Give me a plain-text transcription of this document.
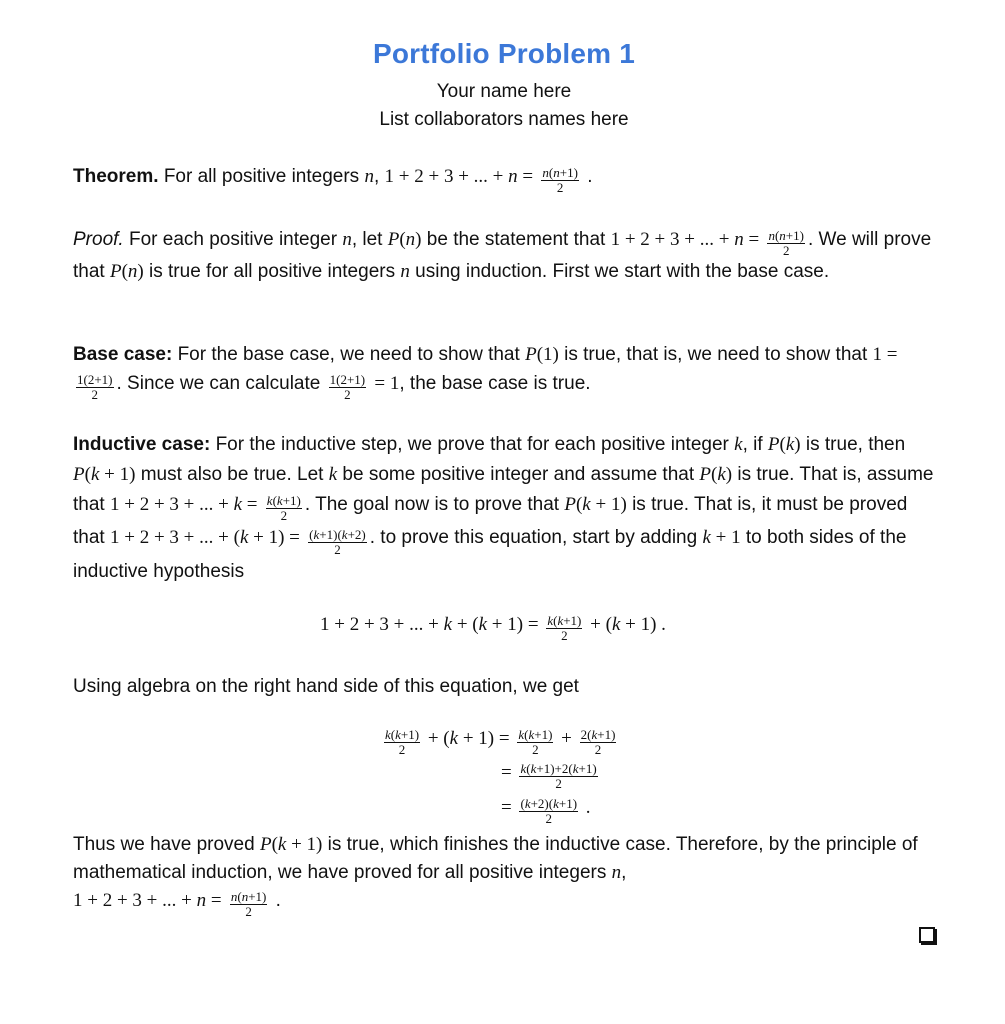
Portfolio Problem 1
Your name here
List collaborators names here
Theorem. For all positive integers n, 1 + 2 + 3 + ... + $n = \frac{n(n+1)}{2}$ .
Proof. For each positive integer n, let P(n) be the statement that 1 + 2 + 3 + ... + $n = \frac{n(n+1)}{2}$ . We will prove that P(n) is true for all positive integers n using induction. First we start with the base case.
Base case: For the base case, we need to show that P(1) is true, that is, we need to show that 1 =
$\frac{1(2+1)}{2}$ . Since we can calculate $\frac{1(2+1)}{2} = 1$, the base case is true.
Inductive case: For the inductive step, we prove that for each positive integer k, if P(k) is true, then P(k + 1) must also be true. Let k be some positive integer and assume that P(k) is true. That is, assume that 1 + 2 + 3 + ... + $k = \frac{k(k+1)}{2}$ . The goal now is to prove that P(k + 1) is true. That is, it must be proved that 1 + 2 + 3 + ... + $(k + 1) = \frac{(k+1)(k+2)}{2}$ . to prove this equation, start by adding k + 1 to both sides of the inductive hypothesis
1 + 2 + 3 + ... + $k + (k + 1) = \frac{k(k+1)}{2} + (k + 1)$ .
Using algebra on the right hand side of this equation, we get
$\frac{k(k+1)}{2} + (k + 1) = \frac{k(k+1)}{2} + \frac{2(k+1)}{2}$
= $\frac{k(k+1)+2(k+1)}{2}$
= $\frac{(k+2)(k+1)}{2}$ .
Thus we have proved P(k + 1) is true, which finishes the inductive case. Therefore, by the principle of mathematical induction, we have proved for all positive integers n,
1 + 2 + 3 + ... + $n = \frac{n(n+1)}{2}$ .
